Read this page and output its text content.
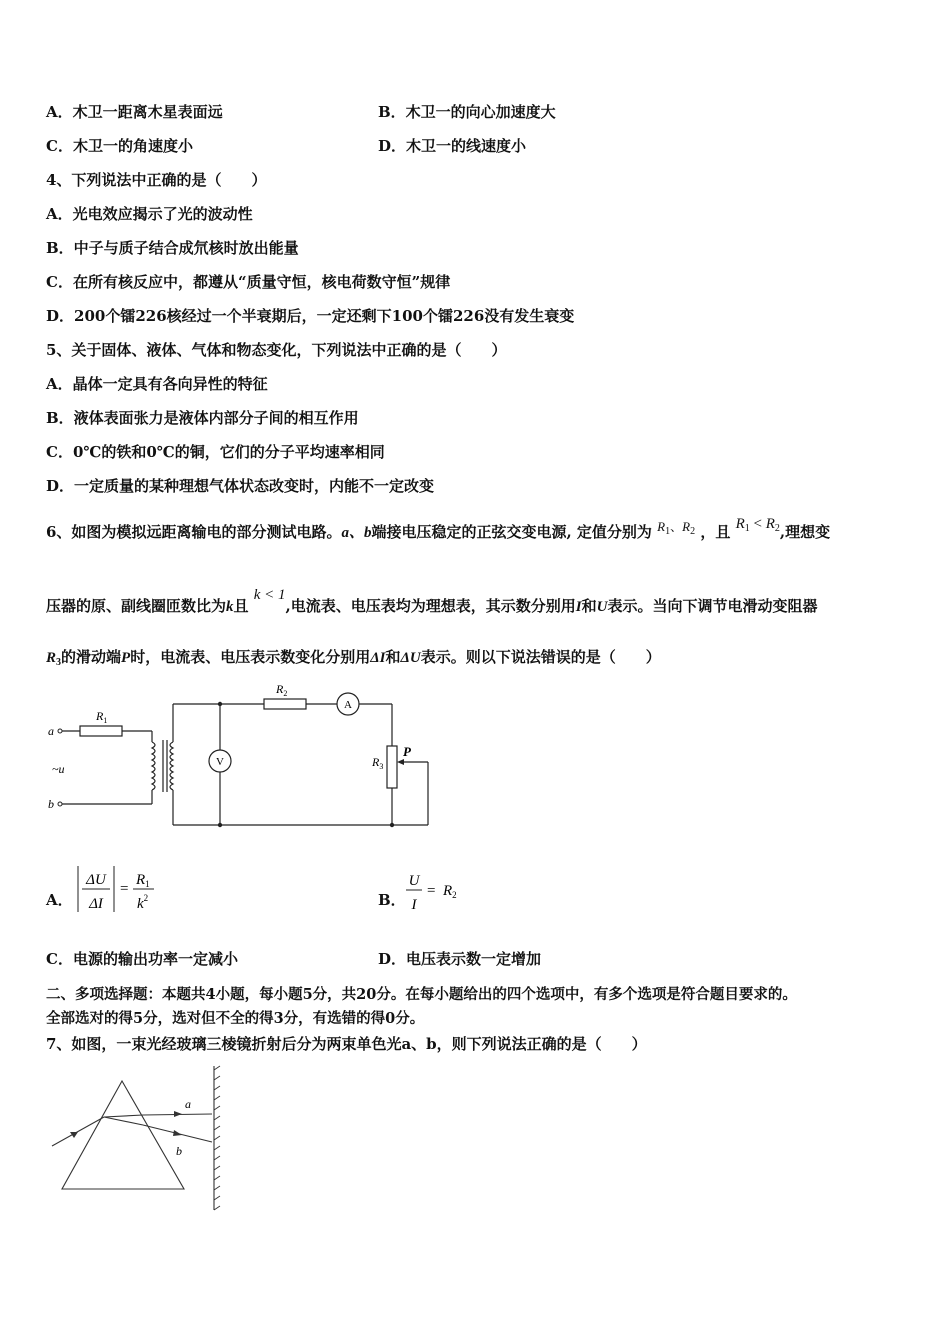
A．木卫一距离木星表面远	B．木卫一的向心加速度大
C．木卫一的角速度小	D．木卫一的线速度小
4、下列说法中正确的是（　　）
A．光电效应揭示了光的波动性
B．中子与质子结合成氘核时放出能量
C．在所有核反应中，都遵从“质量守恒，核电荷数守恒”规律
D．200个镭226核经过一个半衰期后，一定还剩下100个镭226没有发生衰变
5、关于固体、液体、气体和物态变化，下列说法中正确的是（　　）
A．晶体一定具有各向异性的特征
B．液体表面张力是液体内部分子间的相互作用
C．0℃的铁和0℃的铜，它们的分子平均速率相同
D．一定质量的某种理想气体状态改变时，内能不一定改变
6、如图为模拟远距离输电的部分测试电路。a、b端接电压稳定的正弦交变电源, 定值分别为 $R_1^、R_2$ ，且 $R_1 < R_2$,理想变
压器的原、副线圈匝数比为k且 k < 1,电流表、电压表均为理想表，其示数分别用I和U表示。当向下调节电滑动变阻器
$R_3$的滑动端P时，电流表、电压表示数变化分别用ΔI和ΔU表示。则以下说法错误的是（　　）
a
b
~u
$R_1$
$R_2$
$R_3$
P
A
V
A．
ΔU
ΔI
=
$R_1$
$k^2$	B．
U
I
= $R_2$
C．电源的输出功率一定减小	D．电压表示数一定增加
二、多项选择题：本题共4小题，每小题5分，共20分。在每小题给出的四个选项中，有多个选项是符合题目要求的。
全部选对的得5分，选对但不全的得3分，有选错的得0分。
7、如图，一束光经玻璃三棱镜折射后分为两束单色光a、b，则下列说法正确的是（　　）
a
b
